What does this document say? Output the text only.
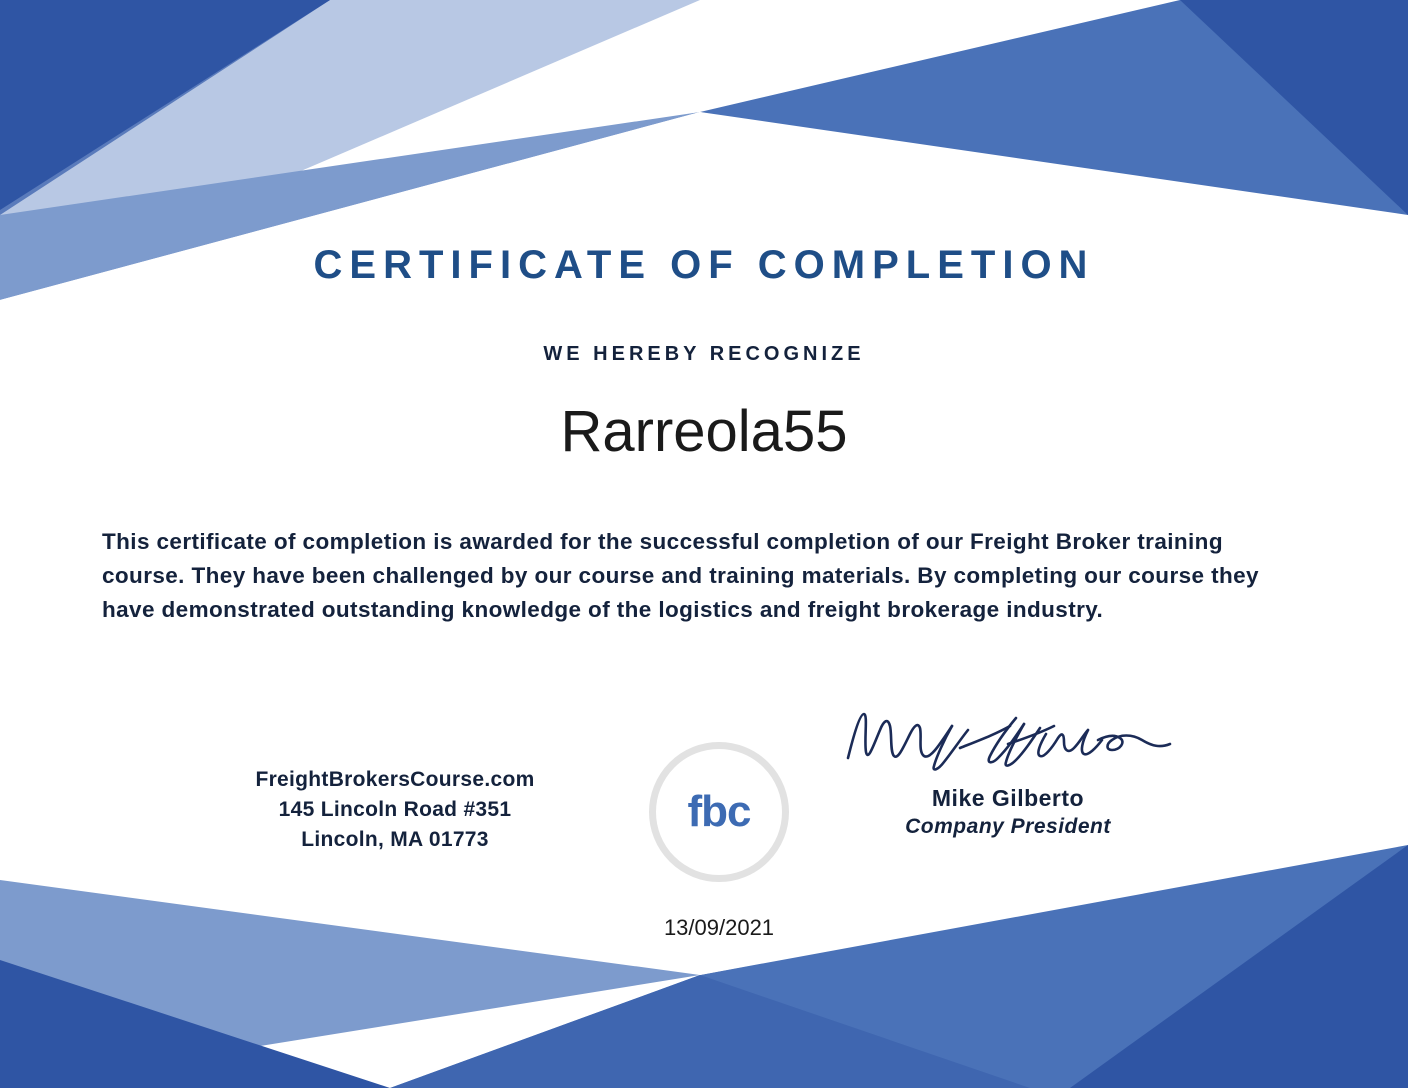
CERTIFICATE OF COMPLETION
WE HEREBY RECOGNIZE
Rarreola55
This certificate of completion is awarded for the successful completion of our Freight Broker training course. They have been challenged by our course and training materials. By completing our course they have demonstrated outstanding knowledge of the logistics and freight brokerage industry.
FreightBrokersCourse.com
145 Lincoln Road #351
Lincoln, MA 01773
fbc	Mike Gilberto
Company President
13/09/2021
